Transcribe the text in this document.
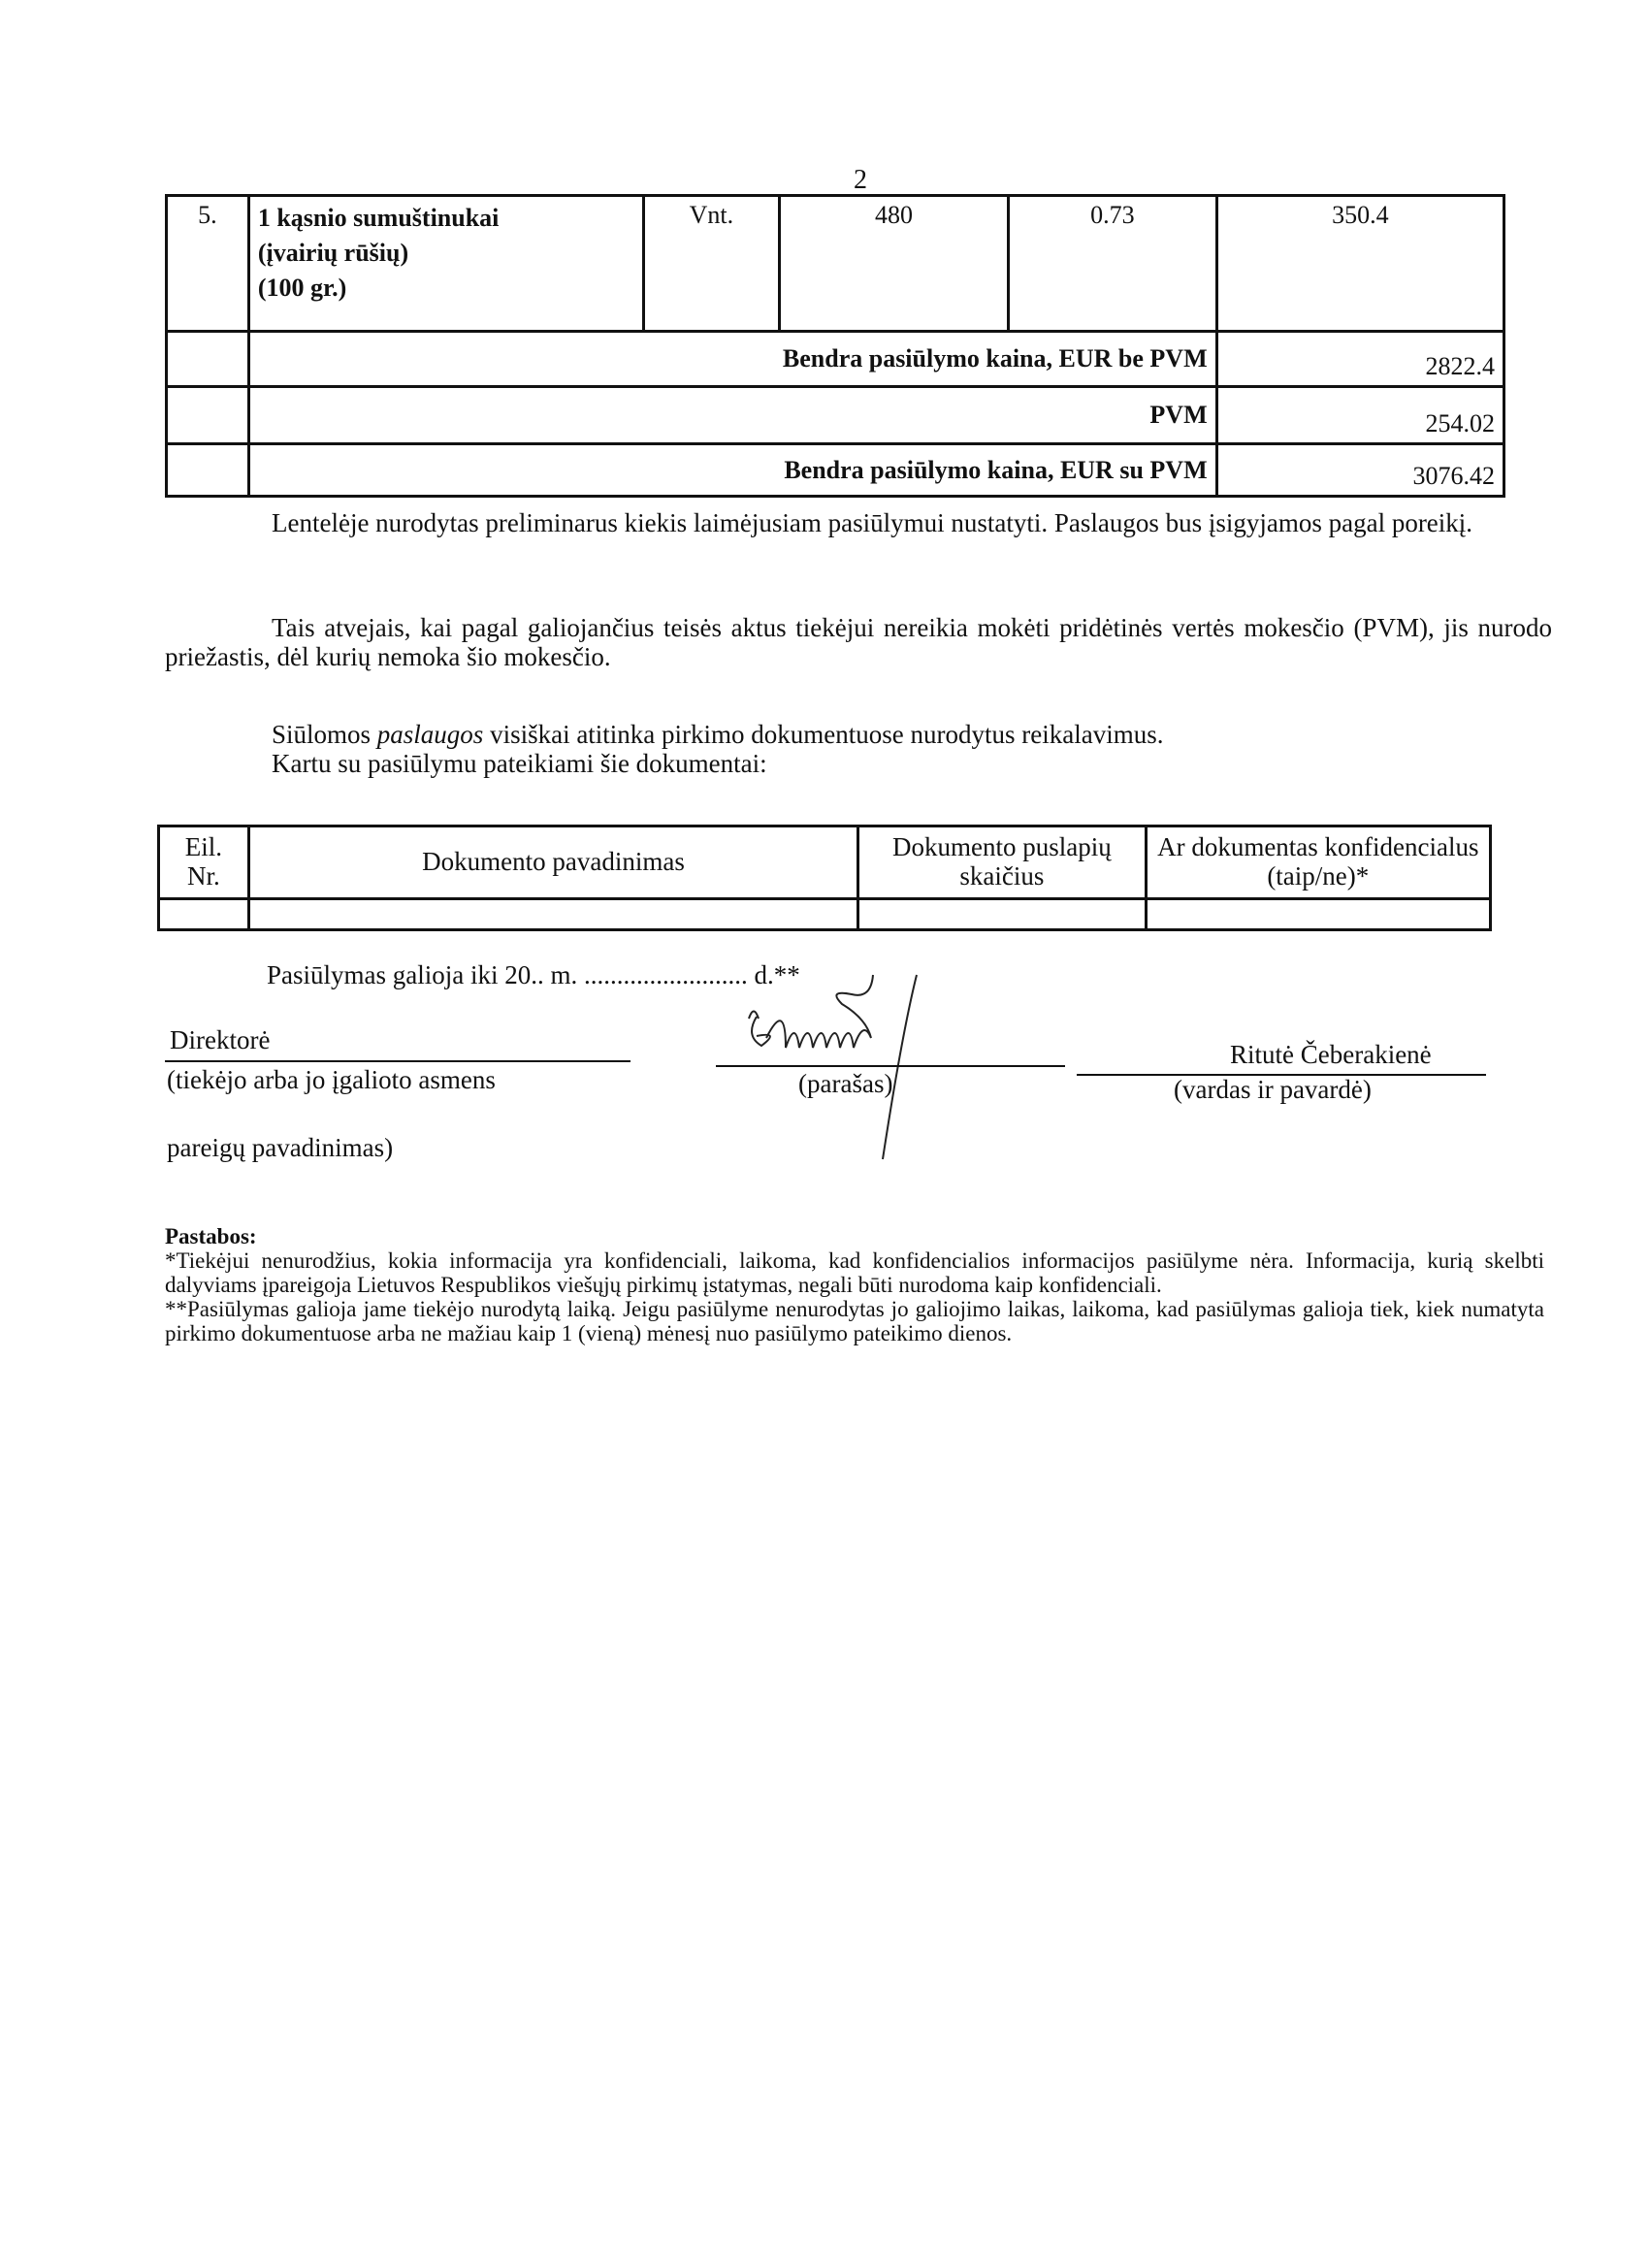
2
5.	1 kąsnio sumuštinukai
(įvairių rūšių)
(100 gr.)	Vnt.	480	0.73	350.4
	Bendra pasiūlymo kaina, EUR be PVM				2822.4
	PVM				254.02
	Bendra pasiūlymo kaina, EUR su PVM				3076.42
Lentelėje nurodytas preliminarus kiekis laimėjusiam pasiūlymui nustatyti. Paslaugos bus įsigyjamos pagal poreikį.
Tais atvejais, kai pagal galiojančius teisės aktus tiekėjui nereikia mokėti pridėtinės vertės mokesčio (PVM), jis nurodo priežastis, dėl kurių nemoka šio mokesčio.
Siūlomos paslaugos visiškai atitinka pirkimo dokumentuose nurodytus reikalavimus.
Kartu su pasiūlymu pateikiami šie dokumentai:
Eil. Nr.	Dokumento pavadinimas	Dokumento puslapių skaičius	Ar dokumentas konfidencialus (taip/ne)*

Pasiūlymas galioja iki 20.. m. ......................... d.**
Direktorė
(tiekėjo arba jo įgalioto asmens
pareigų pavadinimas)
(parašas)
Ritutė Čeberakienė
(vardas ir pavardė)
Pastabos:
*Tiekėjui nenurodžius, kokia informacija yra konfidenciali, laikoma, kad konfidencialios informacijos pasiūlyme nėra. Informacija, kurią skelbti dalyviams įpareigoja Lietuvos Respublikos viešųjų pirkimų įstatymas, negali būti nurodoma kaip konfidenciali.
**Pasiūlymas galioja jame tiekėjo nurodytą laiką. Jeigu pasiūlyme nenurodytas jo galiojimo laikas, laikoma, kad pasiūlymas galioja tiek, kiek numatyta pirkimo dokumentuose arba ne mažiau kaip 1 (vieną) mėnesį nuo pasiūlymo pateikimo dienos.
